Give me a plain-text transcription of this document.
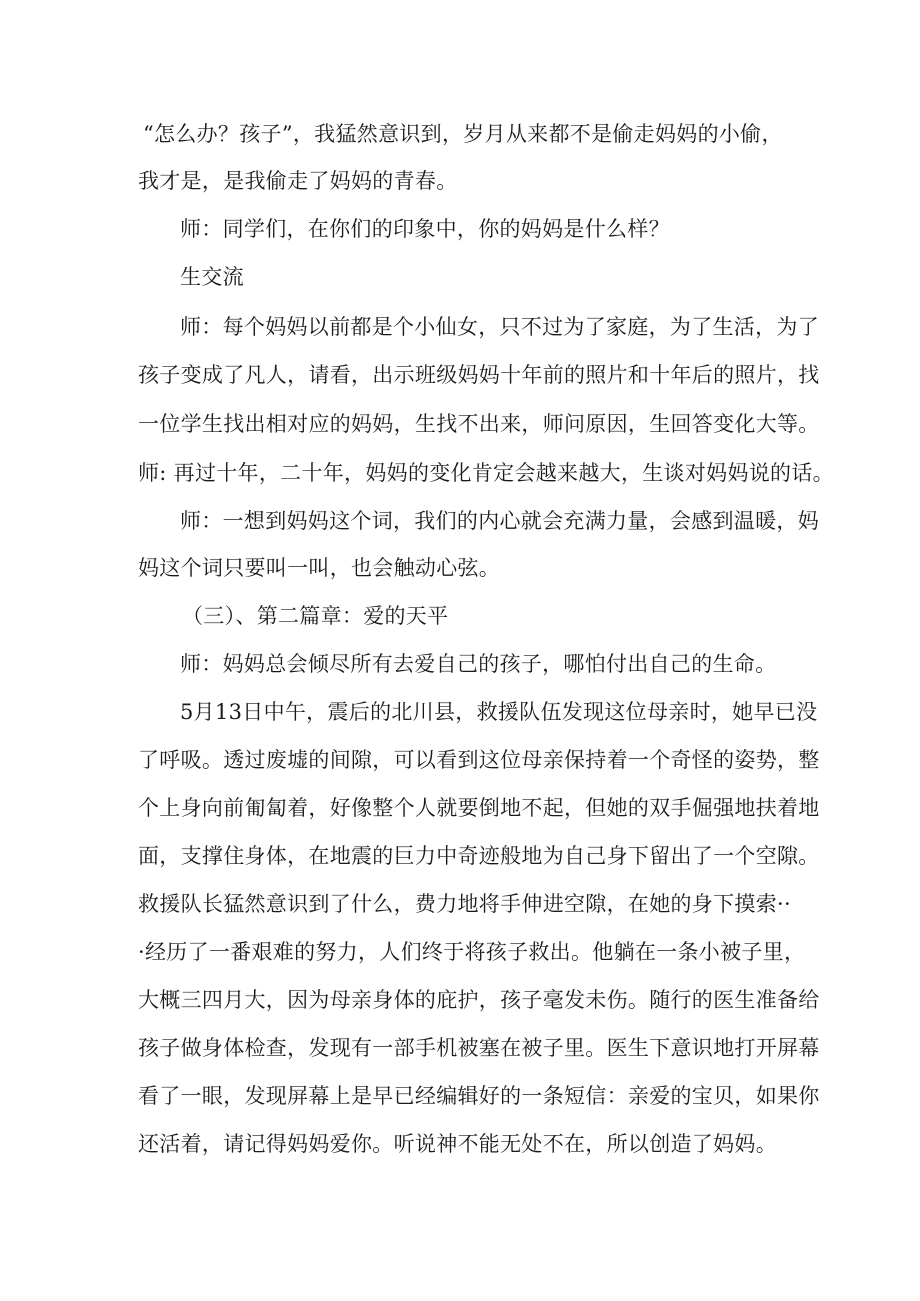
“怎么办？孩子”，我猛然意识到，岁月从来都不是偷走妈妈的小偷，
我才是，是我偷走了妈妈的青春。
师：同学们，在你们的印象中，你的妈妈是什么样？
生交流
师：每个妈妈以前都是个小仙女，只不过为了家庭，为了生活，为了
孩子变成了凡人，请看，出示班级妈妈十年前的照片和十年后的照片，找
一位学生找出相对应的妈妈，生找不出来，师问原因，生回答变化大等。
师: 再过十年，二十年，妈妈的变化肯定会越来越大，生谈对妈妈说的话。
师：一想到妈妈这个词，我们的内心就会充满力量，会感到温暖，妈
妈这个词只要叫一叫，也会触动心弦。
（三）、第二篇章：爱的天平
师：妈妈总会倾尽所有去爱自己的孩子，哪怕付出自己的生命。
5月13日中午，震后的北川县，救援队伍发现这位母亲时，她早已没
了呼吸。透过废墟的间隙，可以看到这位母亲保持着一个奇怪的姿势，整
个上身向前匍匐着，好像整个人就要倒地不起，但她的双手倔强地扶着地
面，支撑住身体，在地震的巨力中奇迹般地为自己身下留出了一个空隙。
救援队长猛然意识到了什么，费力地将手伸进空隙，在她的身下摸索··
·经历了一番艰难的努力，人们终于将孩子救出。他躺在一条小被子里，
大概三四月大，因为母亲身体的庇护，孩子毫发未伤。随行的医生准备给
孩子做身体检查，发现有一部手机被塞在被子里。医生下意识地打开屏幕
看了一眼，发现屏幕上是早已经编辑好的一条短信：亲爱的宝贝，如果你
还活着，请记得妈妈爱你。听说神不能无处不在，所以创造了妈妈。
